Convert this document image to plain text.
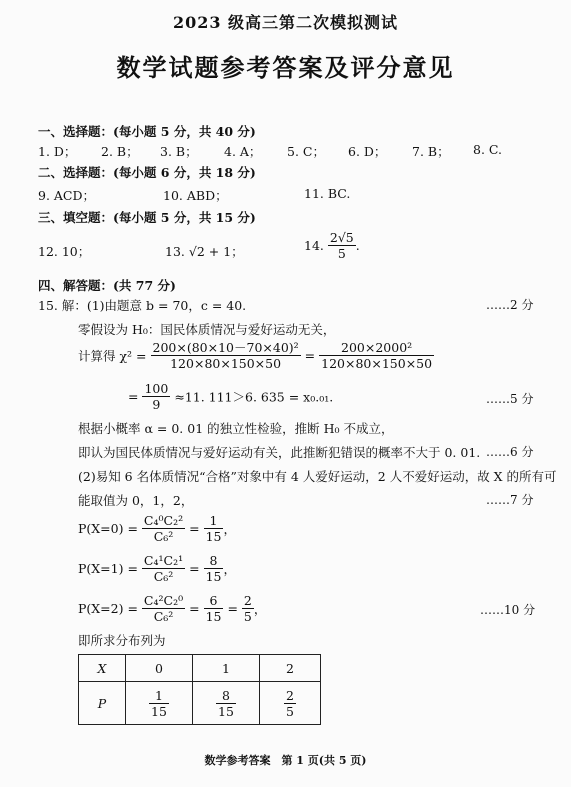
2023 级高三第二次模拟测试
数学试题参考答案及评分意见
一、选择题：(每小题 5 分，共 40 分)
1. D； 2. B； 3. B； 4. A； 5. C； 6. D； 7. B； 8. C.
二、选择题：(每小题 6 分，共 18 分)
9. ACD；	10. ABD；	11. BC.
三、填空题：(每小题 5 分，共 15 分)
12. 10；	13. √2 + 1；	14. $\frac{2√5}{5}$ .
四、解答题：(共 77 分)
15. 解：(1)由题意 b = 70，c = 40.	……2 分
零假设为 H₀：国民体质情况与爱好运动无关，
计算得 $\chi^2 = \frac{\text{200×(80×10－70×40)²}}{120\times 80\times 150\times 50} = \frac{\text{200×2000²}}{120\times 80\times 150\times 50}$
= $\frac{100}{9} \approx 11$. 111＞6. 635 = x₀.₀₁.	……5 分
根据小概率 α = 0. 01 的独立性检验，推断 H₀ 不成立，
即认为国民体质情况与爱好运动有关，此推断犯错误的概率不大于 0. 01. ……6 分
(2)易知 6 名体质情况“合格”对象中有 4 人爱好运动，2 人不爱好运动，故 X 的所有可
能取值为 0，1，2，	……7 分
$P(X=0) = \frac{\text{C₄⁰C₂²}}{\text{C₆²}} = \frac{1}{15}$ ，
$P(X=1) = \frac{\text{C₄¹C₂¹}}{\text{C₆²}} = \frac{8}{15}$ ，
$P(X=2) = \frac{\text{C₄²C₂⁰}}{\text{C₆²}} = \frac{6}{15} = \frac{2}{5}$ ，	……10 分
即所求分布列为
X	0	1	2
P	$\frac{1}{15}$	$\frac{8}{15}$	$\frac{2}{5}$
数学参考答案　第 1 页(共 5 页)
